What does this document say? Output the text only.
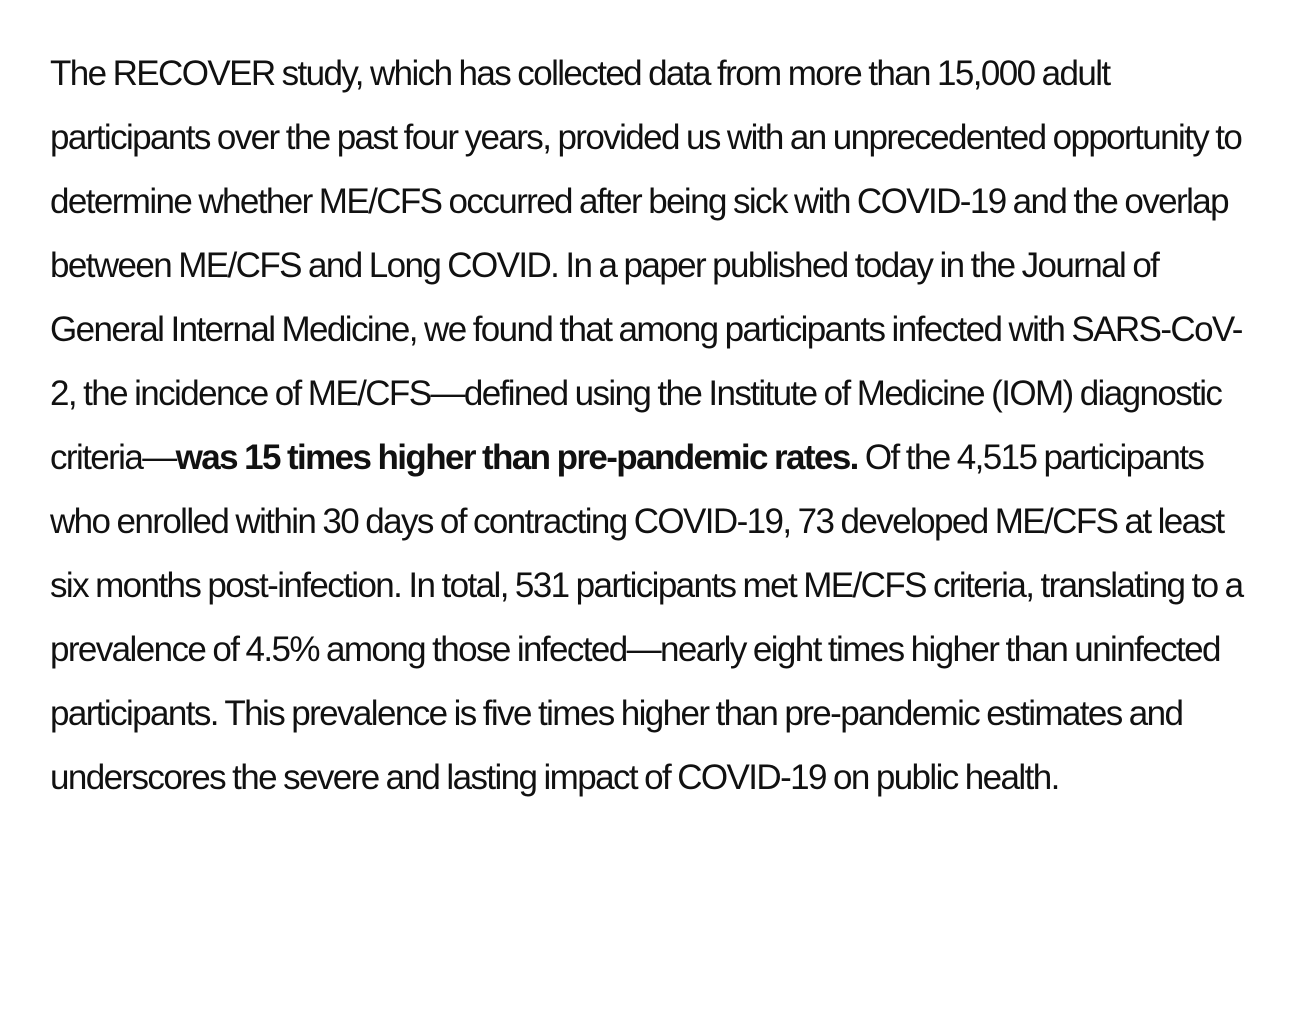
The RECOVER study, which has collected data from more than 15,000 adult participants over the past four years, provided us with an unprecedented opportunity to determine whether ME/CFS occurred after being sick with COVID-19 and the overlap between ME/CFS and Long COVID. In a paper published today in the Journal of General Internal Medicine, we found that among participants infected with SARS-CoV-2, the incidence of ME/CFS—defined using the Institute of Medicine (IOM) diagnostic criteria—was 15 times higher than pre-pandemic rates. Of the 4,515 participants who enrolled within 30 days of contracting COVID-19, 73 developed ME/CFS at least six months post-infection. In total, 531 participants met ME/CFS criteria, translating to a prevalence of 4.5% among those infected—nearly eight times higher than uninfected participants. This prevalence is five times higher than pre-pandemic estimates and underscores the severe and lasting impact of COVID-19 on public health.
